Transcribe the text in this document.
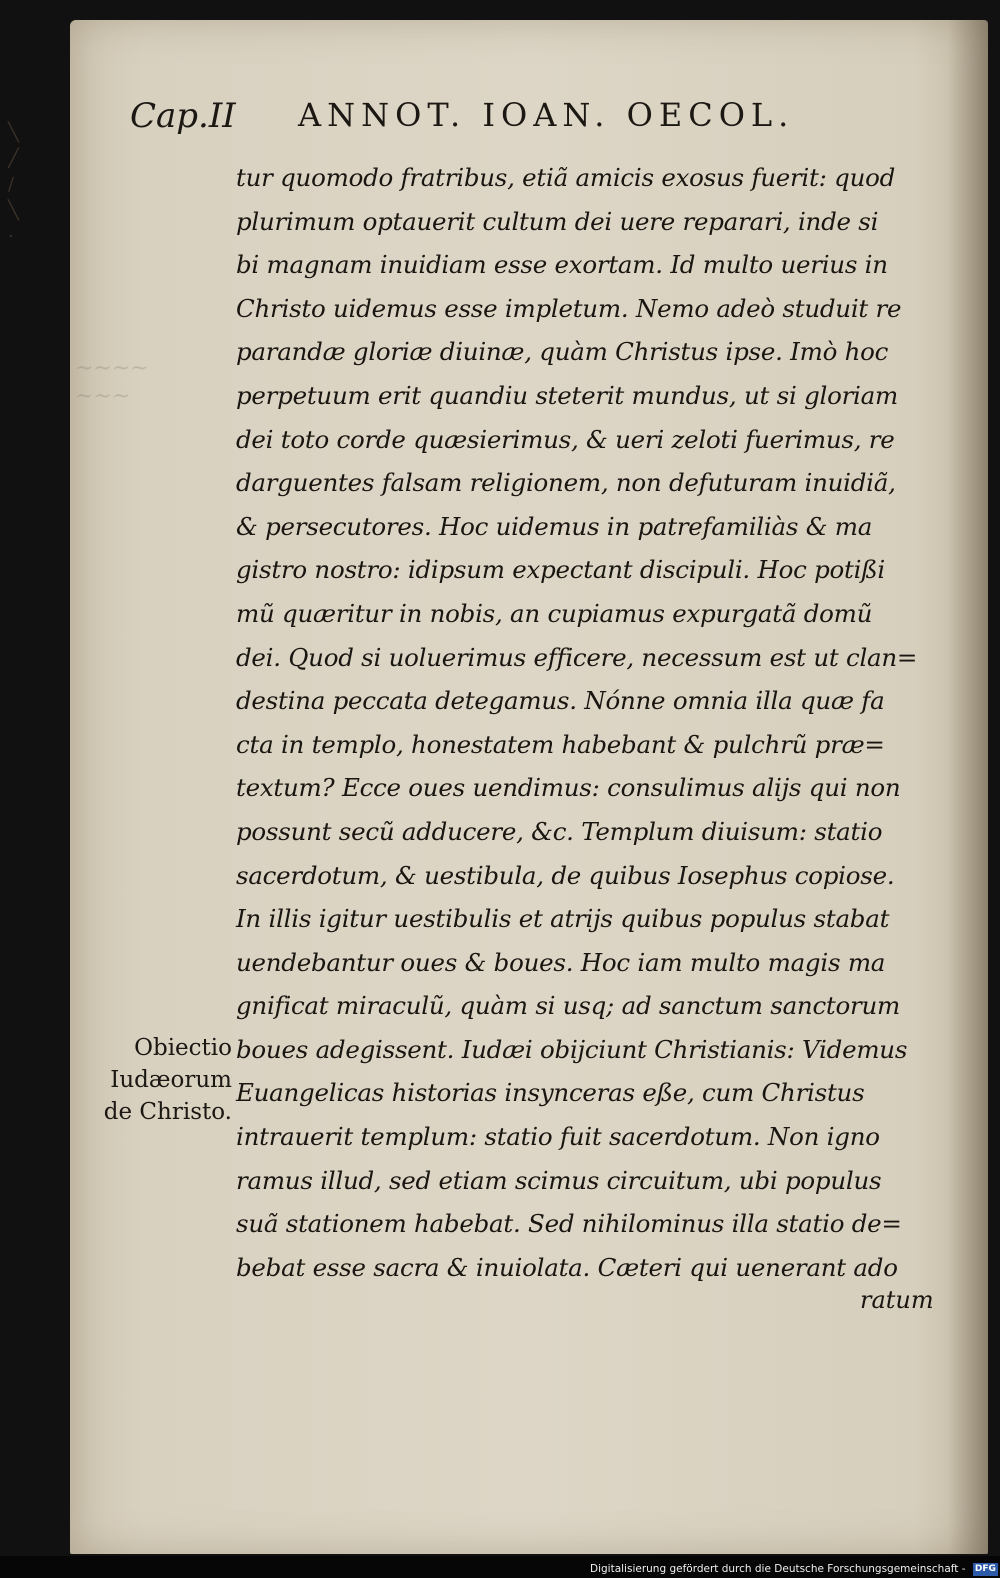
╲
╱
∕
╲
·
~~~~
~~~
Cap.II ANNOT. IOAN. OECOL.
tur quomodo fratribus, etiã amicis exosus fuerit: quod
plurimum optauerit cultum dei uere reparari, inde si
bi magnam inuidiam esse exortam. Id multo uerius in
Christo uidemus esse impletum. Nemo adeò studuit re
parandæ gloriæ diuinæ, quàm Christus ipse. Imò hoc
perpetuum erit quandiu steterit mundus, ut si gloriam
dei toto corde quæsierimus, & ueri zeloti fuerimus, re
darguentes falsam religionem, non defuturam inuidiã,
& persecutores. Hoc uidemus in patrefamiliàs & ma
gistro nostro: idipsum expectant discipuli. Hoc potißi
mũ quæritur in nobis, an cupiamus expurgatã domũ
dei. Quod si uoluerimus efficere, necessum est ut clan=
destina peccata detegamus. Nónne omnia illa quæ fa
cta in templo, honestatem habebant & pulchrũ præ=
textum? Ecce oues uendimus: consulimus alijs qui non
possunt secũ adducere, &c. Templum diuisum: statio
sacerdotum, & uestibula, de quibus Iosephus copiose.
In illis igitur uestibulis et atrijs quibus populus stabat
uendebantur oues & boues. Hoc iam multo magis ma
gnificat miraculũ, quàm si usq; ad sanctum sanctorum
boues adegissent. Iudæi obijciunt Christianis: Videmus
Euangelicas historias insynceras eße, cum Christus
intrauerit templum: statio fuit sacerdotum. Non igno
ramus illud, sed etiam scimus circuitum, ubi populus
suã stationem habebat. Sed nihilominus illa statio de=
bebat esse sacra & inuiolata. Cæteri qui uenerant ado
Obiectio
Iudæorum
de Christo.
ratum
Digitalisierung gefördert durch die Deutsche Forschungsgemeinschaft - DFG
